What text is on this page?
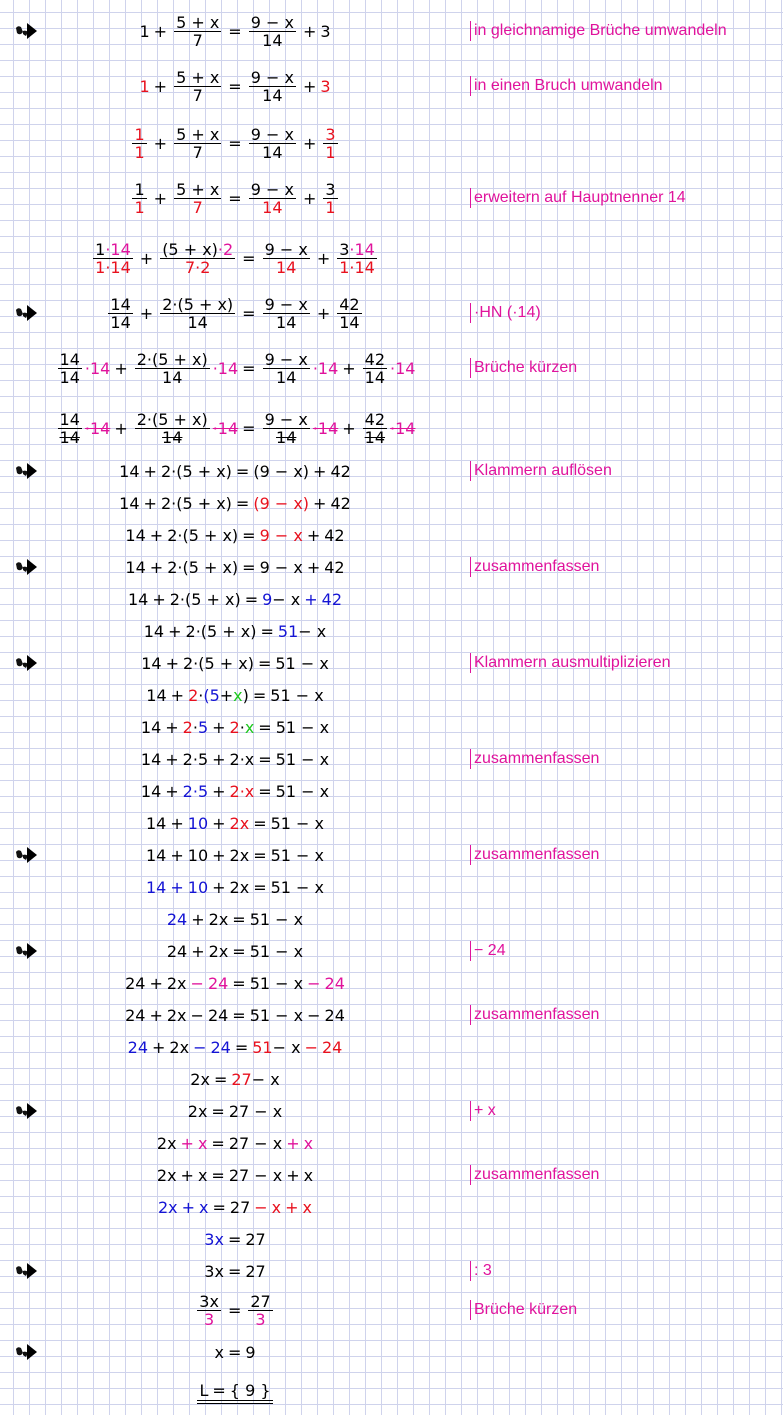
$1 + \frac{5 + x}{7} = \frac{9 - x}{14} + 3$	in gleichnamige Brüche umwandeln
$1 + \frac{5 + x}{7} = \frac{9 - x}{14} + 3$	in einen Bruch umwandeln
$\frac{1}{1} + \frac{5 + x}{7} = \frac{9 - x}{14} + \frac{3}{1}$
$\frac{1}{1} + \frac{5 + x}{7} = \frac{9 - x}{14} + \frac{3}{1}$	erweitern auf Hauptnenner 14
$\frac{1\cdot 14}{1\cdot 14} + \frac{(5 + x)\cdot 2}{7\cdot 2} = \frac{9 - x}{14} + \frac{3\cdot 14}{1\cdot 14}$
$\frac{14}{14} + \frac{2\cdot(5 + x)}{14} = \frac{9 - x}{14} + \frac{42}{14}$	·HN (·14)
$\frac{14}{14} \cdot 14 + \frac{2\cdot(5 + x)}{14} \cdot 14 = \frac{9 - x}{14} \cdot 14 + \frac{42}{14} \cdot 14$	Brüche kürzen
$\frac{14}{14} \cdot 14 + \frac{2\cdot(5 + x)}{14} \cdot 14 = \frac{9 - x}{14} \cdot 14 + \frac{42}{14} \cdot 14$
14 + 2·(5 + x) = (9 − x) + 42	Klammern auflösen
14 + 2·(5 + x) = (9 − x) + 42
14 + 2·(5 + x) = 9 − x + 42
14 + 2·(5 + x) = 9 − x + 42	zusammenfassen
14 + 2·(5 + x) = 9 − x + 42
14 + 2·(5 + x) = 51 − x
14 + 2·(5 + x) = 51 − x	Klammern ausmultiplizieren
14 + 2 · (5 + x ) = 51 − x
14 + 2 · 5 + 2 · x = 51 − x
14 + 2·5 + 2·x = 51 − x	zusammenfassen
14 + 2·5 + 2·x = 51 − x
14 + 10 + 2x = 51 − x
14 + 10 + 2x = 51 − x	zusammenfassen
14 + 10 + 2x = 51 − x
24 + 2x = 51 − x
24 + 2x = 51 − x	− 24
24 + 2x − 24 = 51 − x − 24
24 + 2x − 24 = 51 − x − 24	zusammenfassen
24 + 2x − 24 = 51 − x − 24
2x = 27 − x
2x = 27 − x	+ x
2x + x = 27 − x + x
2x + x = 27 − x + x	zusammenfassen
2x + x = 27 − x + x
3x = 27
3x = 27	: 3
$\frac{3x}{3} = \frac{27}{3}$	Brüche kürzen
x = 9
L = { 9 }
